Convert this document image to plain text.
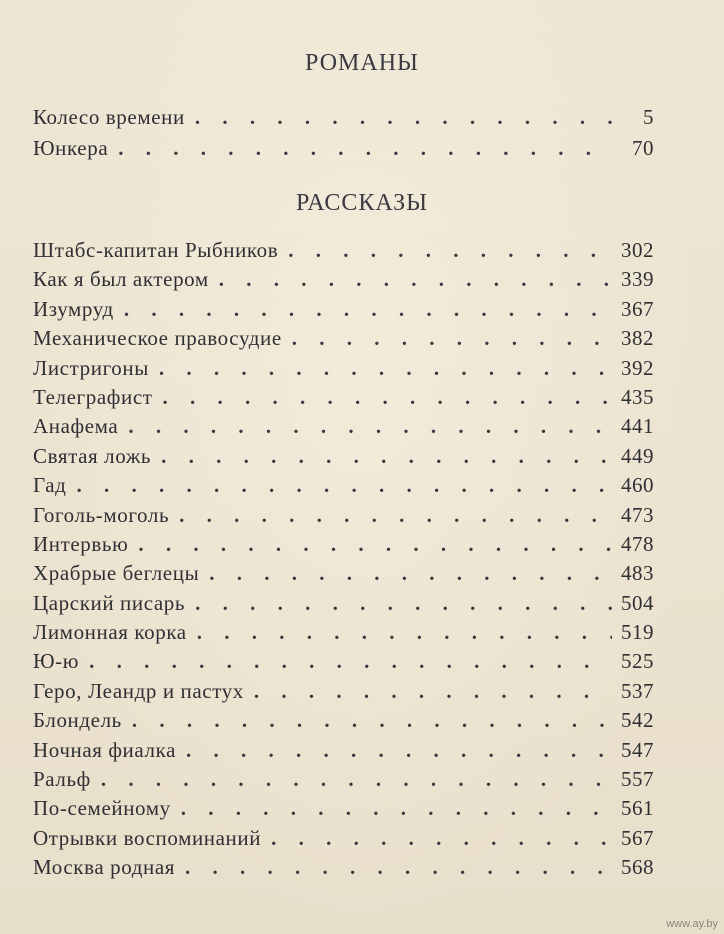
РОМАНЫ
Колесо времени . . .	5
Юнкера . . .	70
РАССКАЗЫ
Штабс-капитан Рыбников . . .	302
Как я был актером . . .	339
Изумруд . . .	367
Механическое правосудие . . .	382
Листригоны . . .	392
Телеграфист . . .	435
Анафема . . .	441
Святая ложь . . .	449
Гад . . .	460
Гоголь-моголь . . .	473
Интервью . . .	478
Храбрые беглецы . . .	483
Царский писарь . . .	504
Лимонная корка . . .	519
Ю-ю . . .	525
Геро, Леандр и пастух . . .	537
Блондель . . .	542
Ночная фиалка . . .	547
Ральф . . .	557
По-семейному . . .	561
Отрывки воспоминаний . . .	567
Москва родная . . .	568
www.ay.by
